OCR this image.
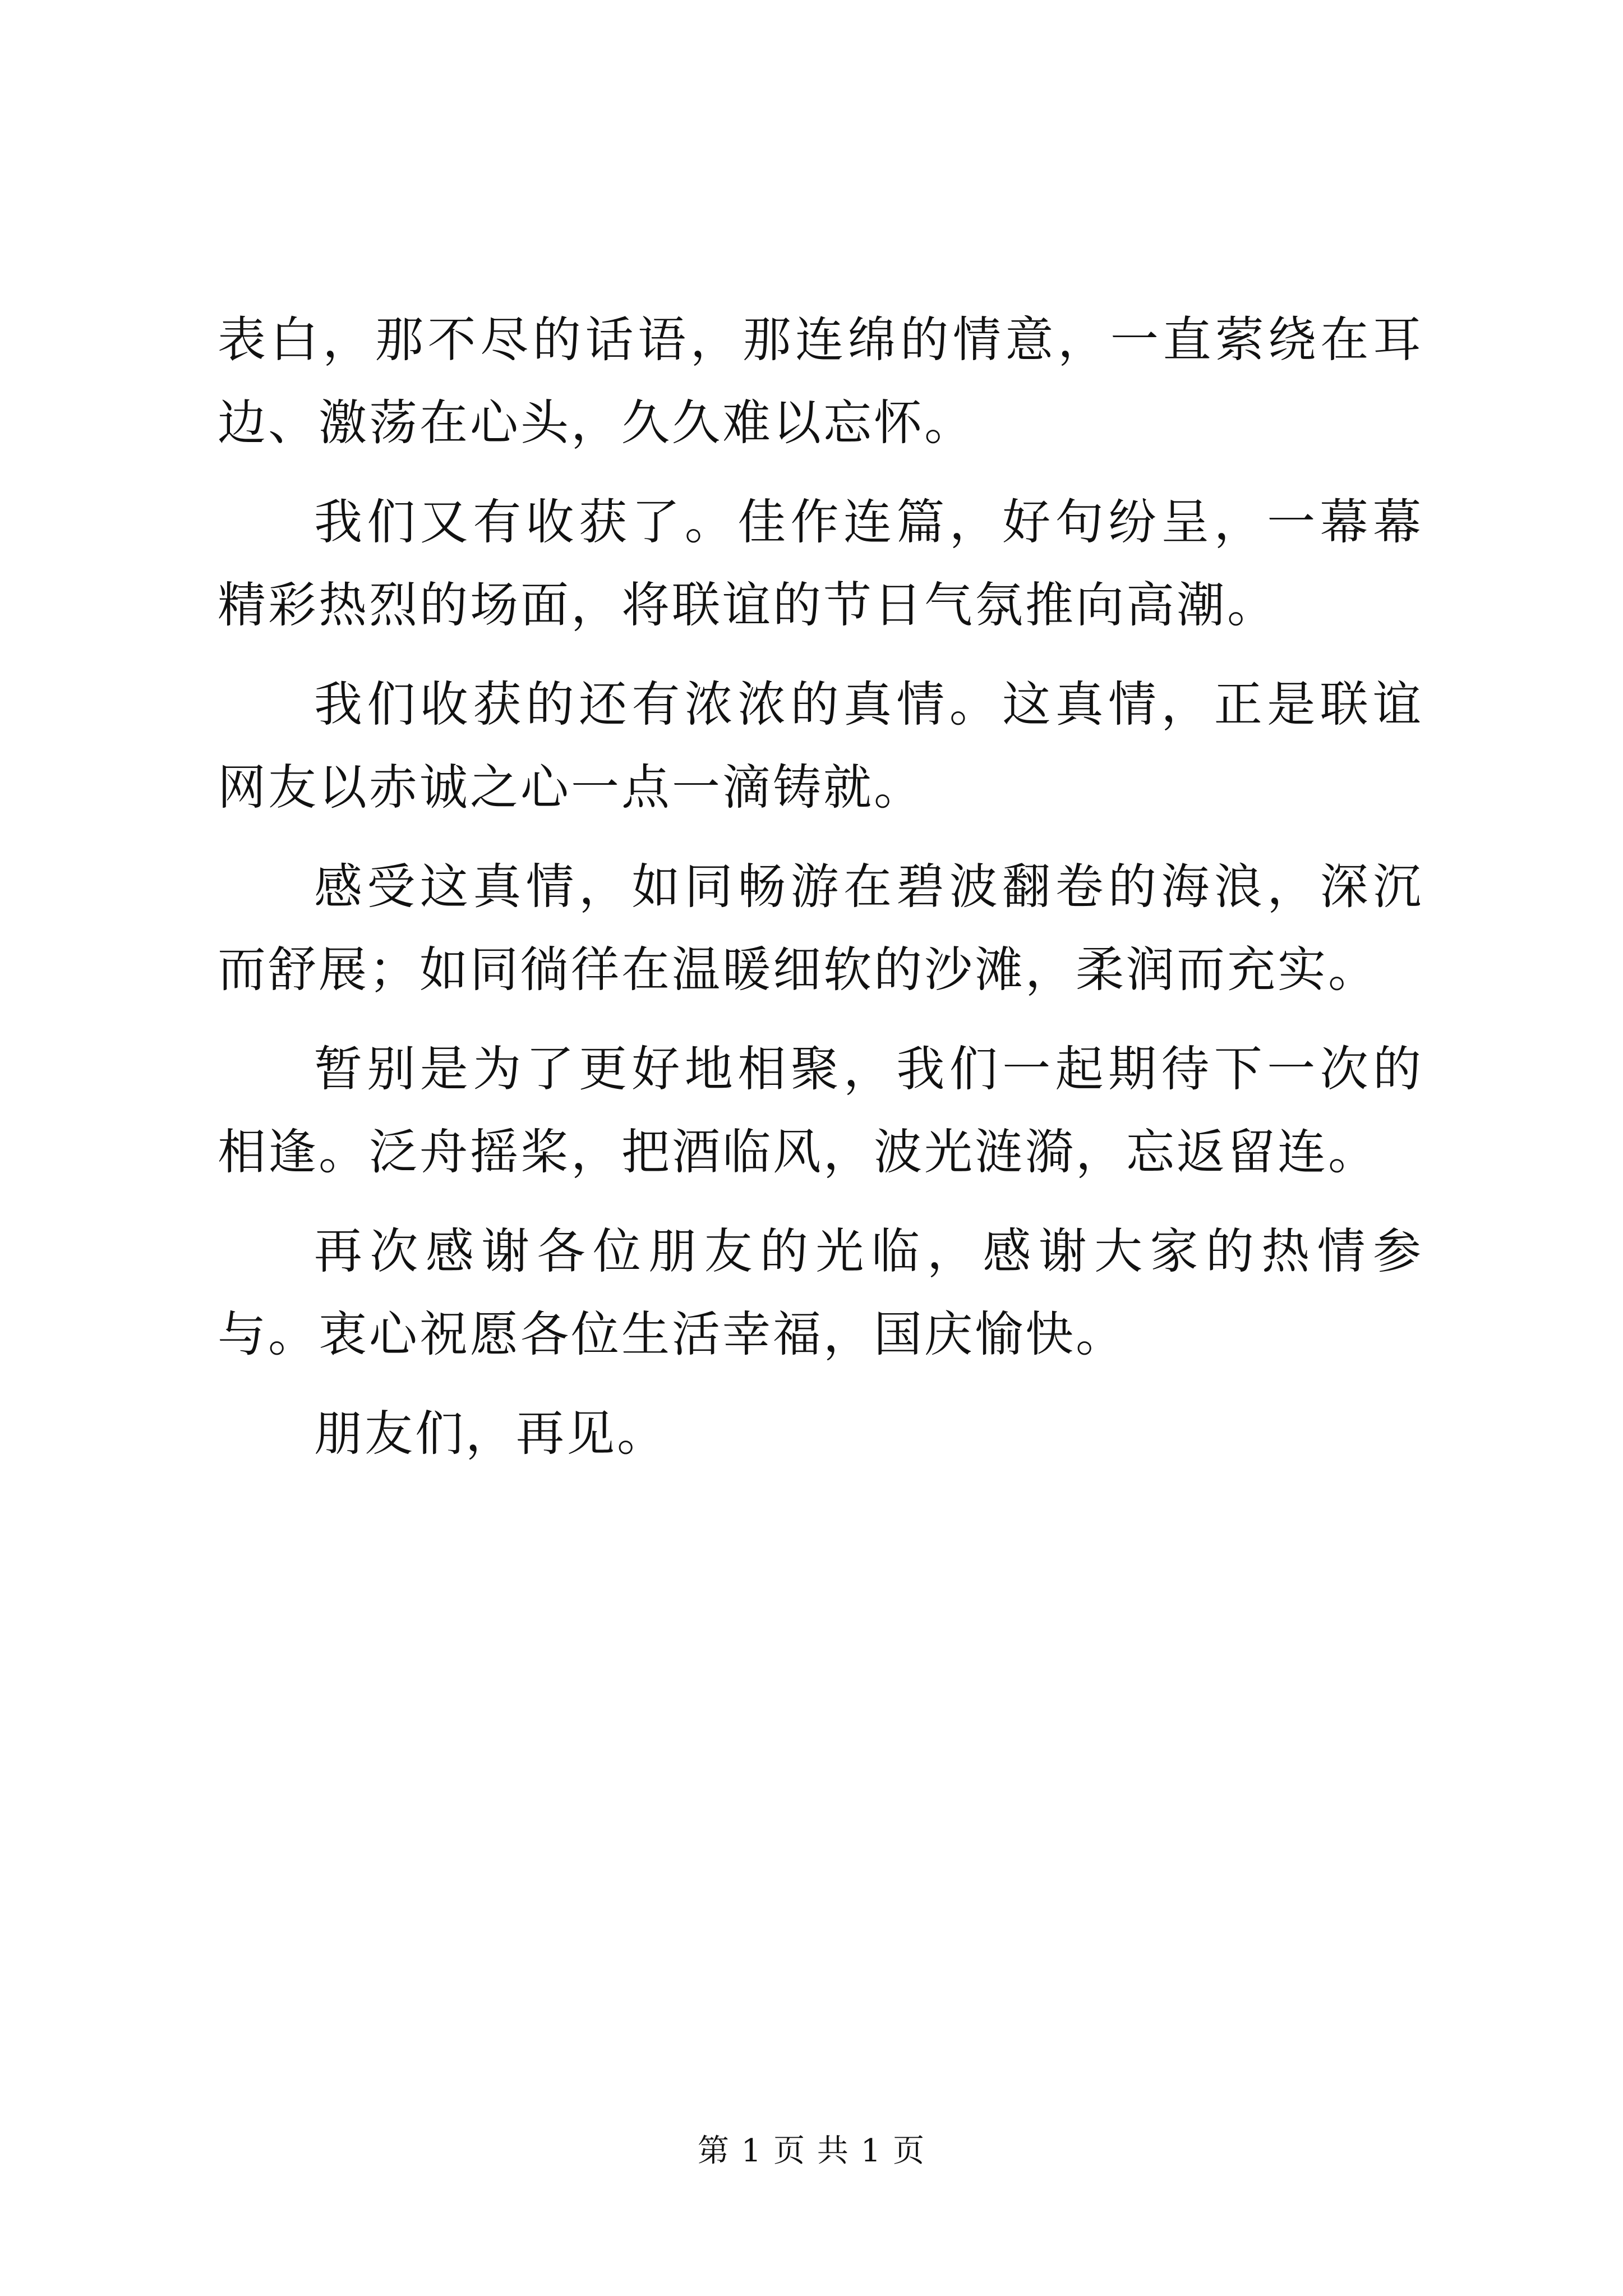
表白，那不尽的话语，那连绵的情意，一直萦绕在耳边、激荡在心头，久久难以忘怀。

我们又有收获了。佳作连篇，好句纷呈，一幕幕精彩热烈的场面，将联谊的节日气氛推向高潮。

我们收获的还有浓浓的真情。这真情，正是联谊网友以赤诚之心一点一滴铸就。

感受这真情，如同畅游在碧波翻卷的海浪，深沉而舒展；如同徜徉在温暖细软的沙滩，柔润而充实。

暂别是为了更好地相聚，我们一起期待下一次的相逢。泛舟摇桨，把酒临风，波光涟漪，忘返留连。

再次感谢各位朋友的光临，感谢大家的热情参与。衷心祝愿各位生活幸福，国庆愉快。

朋友们，再见。

第 1 页 共 1 页
